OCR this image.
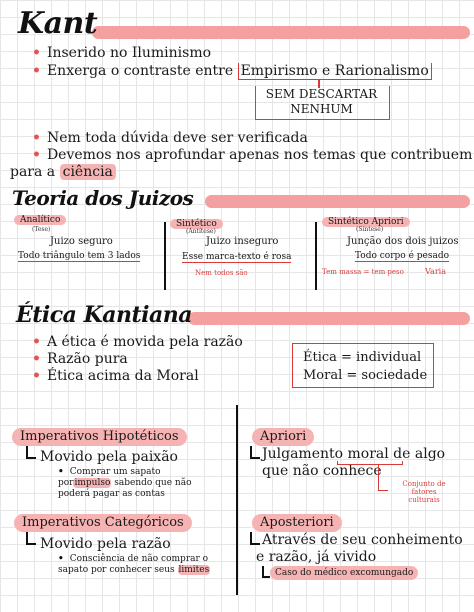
Kant
• Inserido no Iluminismo
• Enxerga o contraste entre Empirismo e Rarionalismo
SEM DESCARTAR
NENHUM
• Nem toda dúvida deve ser verificada
• Devemos nos aprofundar apenas nos temas que contribuem
para a ciência
Teoria dos Juizos
Analítico
(Tese)
Juizo seguro
Todo triângulo tem 3 lados
Sintético
(Antítese)
Juizo inseguro
Esse marca-texto é rosa
Nem todos são
Sintético Apriori
(Síntese)
Junção dos dois juizos
Todo corpo é pesado
Tem massa = tem peso	Varia
Ética Kantiana
• A ética é movida pela razão
• Razão pura
• Ética acima da Moral
Ética = individual
Moral = sociedade
Imperativos Hipotéticos
Movido pela paixão
• Comprar um sapato porimpulso sabendo que não poderá pagar as contas
Imperativos Categóricos
Movido pela razão
• Consciência de não comprar o sapato por conhecer seus limites
Apriori
Julgamento moral de algo
que não conhece
Conjunto de fatores culturais
Aposteriori
Através de seu conheimento
e razão, já vivido
Caso do médico excomungado
